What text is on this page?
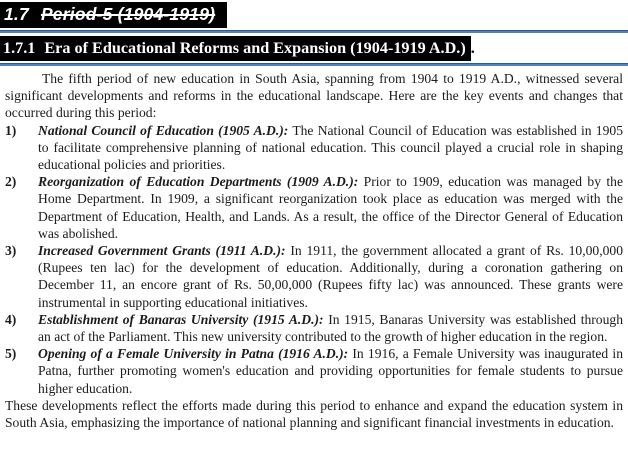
1.7 Period-5 (1904-1919)
1.7.1 Era of Educational Reforms and Expansion (1904-1919 A.D.) .

The fifth period of new education in South Asia, spanning from 1904 to 1919 A.D., witnessed several significant developments and reforms in the educational landscape. Here are the key events and changes that occurred during this period:

1)	National Council of Education (1905 A.D.): The National Council of Education was established in 1905 to facilitate comprehensive planning of national education. This council played a crucial role in shaping educational policies and priorities.

2)	Reorganization of Education Departments (1909 A.D.): Prior to 1909, education was managed by the Home Department. In 1909, a significant reorganization took place as education was merged with the Department of Education, Health, and Lands. As a result, the office of the Director General of Education was abolished.

3)	Increased Government Grants (1911 A.D.): In 1911, the government allocated a grant of Rs. 10,00,000 (Rupees ten lac) for the development of education. Additionally, during a coronation gathering on December 11, an encore grant of Rs. 50,00,000 (Rupees fifty lac) was announced. These grants were instrumental in supporting educational initiatives.

4)	Establishment of Banaras University (1915 A.D.): In 1915, Banaras University was established through an act of the Parliament. This new university contributed to the growth of higher education in the region.

5)	Opening of a Female University in Patna (1916 A.D.): In 1916, a Female University was inaugurated in Patna, further promoting women's education and providing opportunities for female students to pursue higher education.

These developments reflect the efforts made during this period to enhance and expand the education system in South Asia, emphasizing the importance of national planning and significant financial investments in education.
